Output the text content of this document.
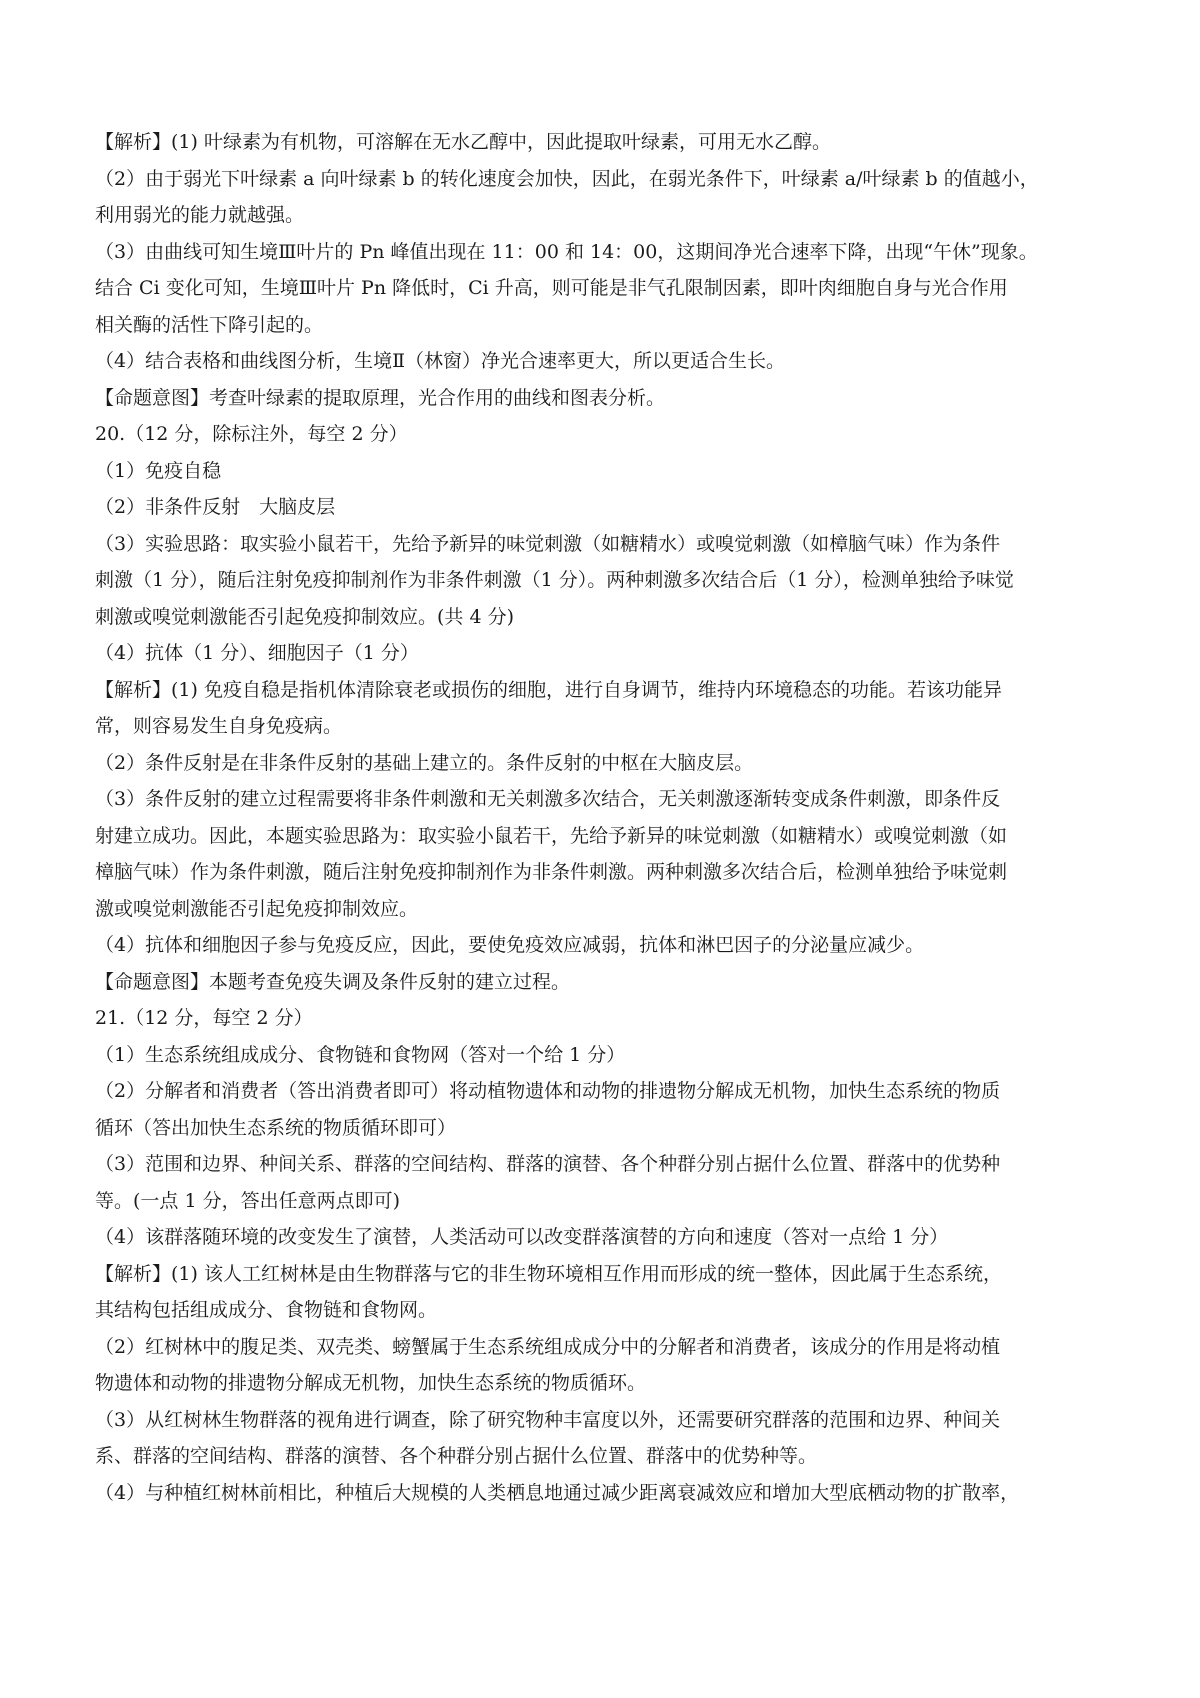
【解析】(1) 叶绿素为有机物，可溶解在无水乙醇中，因此提取叶绿素，可用无水乙醇。
（2）由于弱光下叶绿素 a 向叶绿素 b 的转化速度会加快，因此，在弱光条件下，叶绿素 a/叶绿素 b 的值越小，
利用弱光的能力就越强。
（3）由曲线可知生境Ⅲ叶片的 Pn 峰值出现在 11：00 和 14：00，这期间净光合速率下降，出现“午休”现象。
结合 Ci 变化可知，生境Ⅲ叶片 Pn 降低时，Ci 升高，则可能是非气孔限制因素，即叶肉细胞自身与光合作用
相关酶的活性下降引起的。
（4）结合表格和曲线图分析，生境Ⅱ（林窗）净光合速率更大，所以更适合生长。
【命题意图】考查叶绿素的提取原理，光合作用的曲线和图表分析。
20.（12 分，除标注外，每空 2 分）
（1）免疫自稳
（2）非条件反射　大脑皮层
（3）实验思路：取实验小鼠若干，先给予新异的味觉刺激（如糖精水）或嗅觉刺激（如樟脑气味）作为条件
刺激（1 分），随后注射免疫抑制剂作为非条件刺激（1 分）。两种刺激多次结合后（1 分），检测单独给予味觉
刺激或嗅觉刺激能否引起免疫抑制效应。(共 4 分)
（4）抗体（1 分）、细胞因子（1 分）
【解析】(1) 免疫自稳是指机体清除衰老或损伤的细胞，进行自身调节，维持内环境稳态的功能。若该功能异
常，则容易发生自身免疫病。
（2）条件反射是在非条件反射的基础上建立的。条件反射的中枢在大脑皮层。
（3）条件反射的建立过程需要将非条件刺激和无关刺激多次结合，无关刺激逐渐转变成条件刺激，即条件反
射建立成功。因此，本题实验思路为：取实验小鼠若干，先给予新异的味觉刺激（如糖精水）或嗅觉刺激（如
樟脑气味）作为条件刺激，随后注射免疫抑制剂作为非条件刺激。两种刺激多次结合后，检测单独给予味觉刺
激或嗅觉刺激能否引起免疫抑制效应。
（4）抗体和细胞因子参与免疫反应，因此，要使免疫效应减弱，抗体和淋巴因子的分泌量应减少。
【命题意图】本题考查免疫失调及条件反射的建立过程。
21.（12 分，每空 2 分）
（1）生态系统组成成分、食物链和食物网（答对一个给 1 分）
（2）分解者和消费者（答出消费者即可）将动植物遗体和动物的排遗物分解成无机物，加快生态系统的物质
循环（答出加快生态系统的物质循环即可）
（3）范围和边界、种间关系、群落的空间结构、群落的演替、各个种群分别占据什么位置、群落中的优势种
等。(一点 1 分，答出任意两点即可)
（4）该群落随环境的改变发生了演替，人类活动可以改变群落演替的方向和速度（答对一点给 1 分）
【解析】(1) 该人工红树林是由生物群落与它的非生物环境相互作用而形成的统一整体，因此属于生态系统，
其结构包括组成成分、食物链和食物网。
（2）红树林中的腹足类、双壳类、螃蟹属于生态系统组成成分中的分解者和消费者，该成分的作用是将动植
物遗体和动物的排遗物分解成无机物，加快生态系统的物质循环。
（3）从红树林生物群落的视角进行调查，除了研究物种丰富度以外，还需要研究群落的范围和边界、种间关
系、群落的空间结构、群落的演替、各个种群分别占据什么位置、群落中的优势种等。
（4）与种植红树林前相比，种植后大规模的人类栖息地通过减少距离衰减效应和增加大型底栖动物的扩散率，
